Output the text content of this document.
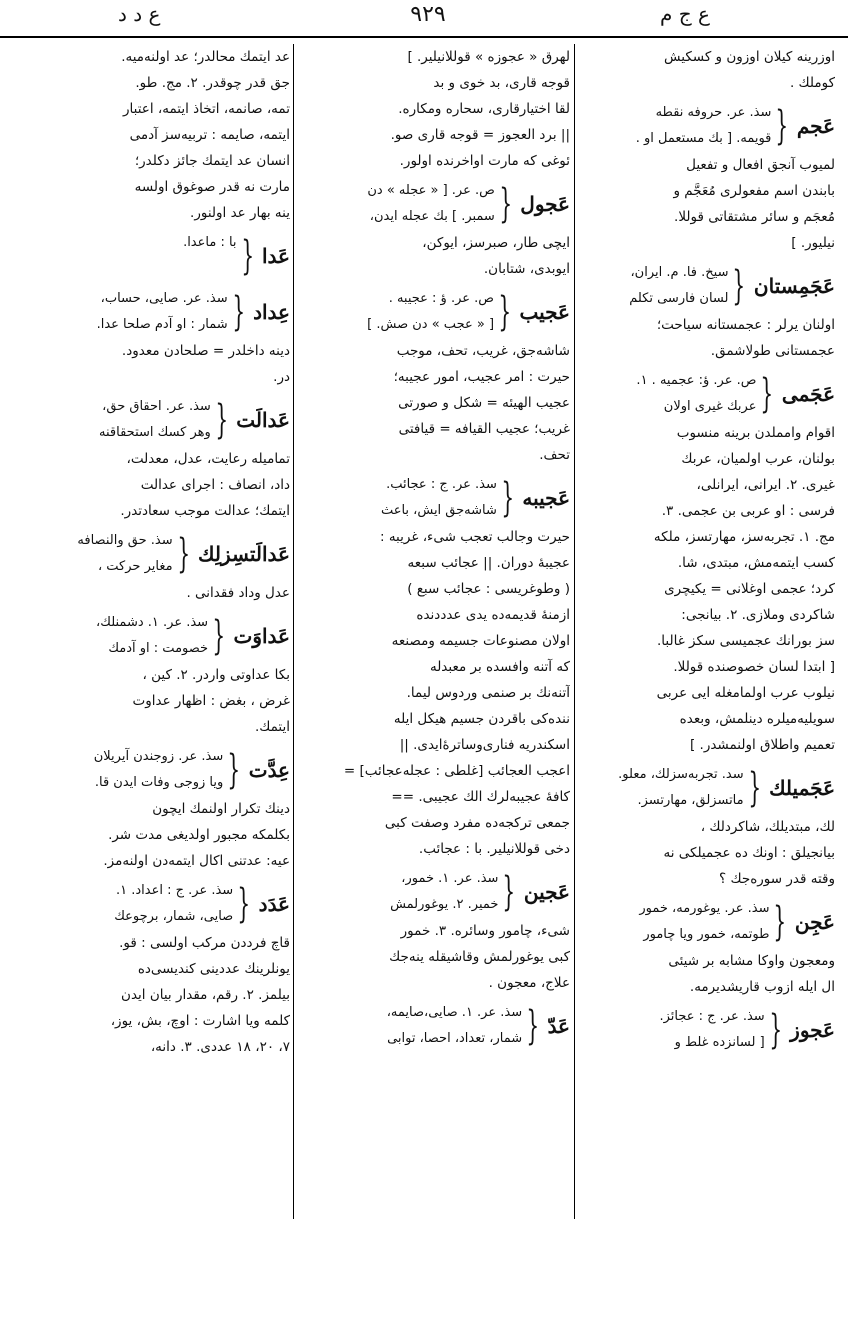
ع د د	٩٢٩	ع ج م
اوزرینه کیلان اوزون و کسکیش
کوملك .
عَجم
{
سذ. عر. حروفه نقطه
قویمه. [ بك مستعمل او .
لمیوب آنجق افعال و تفعیل
بابندن اسم مفعولری مُعَجَّم و
مُعجَم و سائر مشتقاتی قوللا.
نیلیور. ]
عَجَمِستان
{
سیخ. فا. م. ایران،
لسان فارسی تکلم
اولنان یرلر : عجمستانه سیاحت؛
عجمستانی طولاشمق.
عَجَمی
{
ص. عر. ؤ: عجمیه . ۱.
عربك غیری اولان
اقوام وامملدن برینه منسوب
بولنان، عرب اولمیان، عربك
غیری. ۲. ایرانی، ایرانلی،
فرسی : او عربی بن عجمی. ۳.
مج. ۱. تجربه‌سز، مهارتسز، ملکه
کسب ایتمه‌مش، مبتدی، شا.
کرد؛ عجمی اوغلانی = یکیچری
شاکردی وملازی. ۲. بیانجی:
سز بورانك عجمیسی سکز غالبا.
[ ابتدا لسان خصوصنده قوللا.
نیلوب عرب اولمامغله ایی عربی
سویلیه‌میلره دینلمش، وبعده
تعمیم واطلاق اولنمشدر. ]
عَجَمیلك
{
سد. تجربه‌سزلك، معلو.
ماتسزلق، مهارتسز.
لك، مبتدیلك، شاکردلك ،
بیانجیلق : اونك ده عجمیلکی نه
وقته قدر سوره‌جك ؟
عَجِن
{
سذ. عر. یوغورمه، خمور
طوتمه، خمور ویا چامور
ومعجون واوکا مشابه بر شیئی
ال ایله ازوب قاریشدیرمه.
عَجوز
{
سذ. عر. ج : عجائز.
[ لسانزده غلط و
لهرق « عجوزه » قوللانیلیر. ]
قوجه قاری، بد خوی و بد
لقا اختیارقاری، سحاره ومکاره.
|| برد العجوز = قوجه قاری صو.
ئوغی که مارت اواخرنده اولور.
عَجول
{
ص. عر. [ « عجله » دن
سمبر. ] بك عجله ایدن،
ایچی طار، صبرسز، ایوکن،
ایوبدی، شتابان.
عَجیب
{
ص. عر. ؤ : عجیبه .
[ « عجب » دن صش. ]
شاشه‌جق، غریب، تحف، موجب
حیرت : امر عجیب، امور عجیبه؛
عجیب الهیئه = شکل و صورتی
غریب؛ عجیب القیافه = قیافتی
تحف.
عَجیبه
{
سذ. عر. ج : عجائب.
شاشه‌جق ایش، باعث
حیرت وجالب تعجب شیء، غریبه :
عجیبهٔ دوران. || عجائب سبعه
( وطوغریسی : عجائب سبع )
ازمنهٔ قدیمه‌ده یدی عدددنده
اولان مصنوعات جسیمه ومصنعه
که آتنه وافسده بر معبدله
آتنه‌نك بر صنمی وردوس لیما.
ننده‌کی باقردن جسیم هیکل ایله
اسکندریه فناری‌وساترهٔ‌ایدی. ||
اعجب العجائب [غلطی : عجله‌عجائب] =
کافهٔ عجیبه‌لرك الك عجیبی. ==
جمعی ترکجه‌ده مفرد وصفت کبی
دخی قوللانیلیر. با : عجائب.
عَجین
{
سذ. عر. ۱. خمور،
خمیر. ۲. یوغورلمش
شیء، چامور وسائره. ۳. خمور
کبی یوغورلمش وقاشیقله ینه‌جك
علاج، معجون .
عَدّ
{
سذ. عر. ۱. صایی،صایمه،
شمار، تعداد، احصا، توابی
عد ایتمك محالدر؛ عد اولنه‌میه.
جق قدر چوقدر. ۲. مج. طو.
تمه، صانمه، اتخاذ ایتمه، اعتبار
ایتمه، صایمه : تربیه‌سز آدمی
انسان عد ایتمك جائز دکلدر؛
مارت نه قدر صوغوق اولسه
ینه بهار عد اولنور.
عَدا
{
با : ماعدا.
عِداد
{
سذ. عر. صایی، حساب،
شمار : او آدم صلحا عدا.
دینه داخلدر = صلحادن معدود.
در.
عَدالَت
{
سذ. عر. احقاق حق،
وهر کسك استحقاقنه
تمامیله رعایت، عدل، معدلت،
داد، انصاف : اجرای عدالت
ایتمك؛ عدالت موجب سعادتدر.
عَدالَتسِزلِك
{
سذ. حق والنصافه
مغایر حرکت ،
عدل وداد فقدانی .
عَداوَت
{
سذ. عر. ۱. دشمنلك،
خصومت : او آدمك
بکا عداوتی واردر. ۲. کین ،
غرض ، بغض : اظهار عداوت
ایتمك.
عِدَّت
{
سذ. عر. زوجندن آیریلان
ویا زوجی وفات ایدن قا.
دینك تکرار اولنمك ایچون
بکلمکه مجبور اولدیغی مدت شر.
عیه: عدتنی اکال ایتمه‌دن اولنه‌مز.
عَدَد
{
سذ. عر. ج : اعداد. ۱.
صایی، شمار، برچوعك
قاچ فرددن مرکب اولسی : قو.
یونلرینك عددینی کندیسی‌ده
بیلمز. ۲. رقم، مقدار بیان ایدن
کلمه ویا اشارت : اوچ، بش، یوز،
۷، ۲۰، ۱۸ عددی. ۳. دانه،
